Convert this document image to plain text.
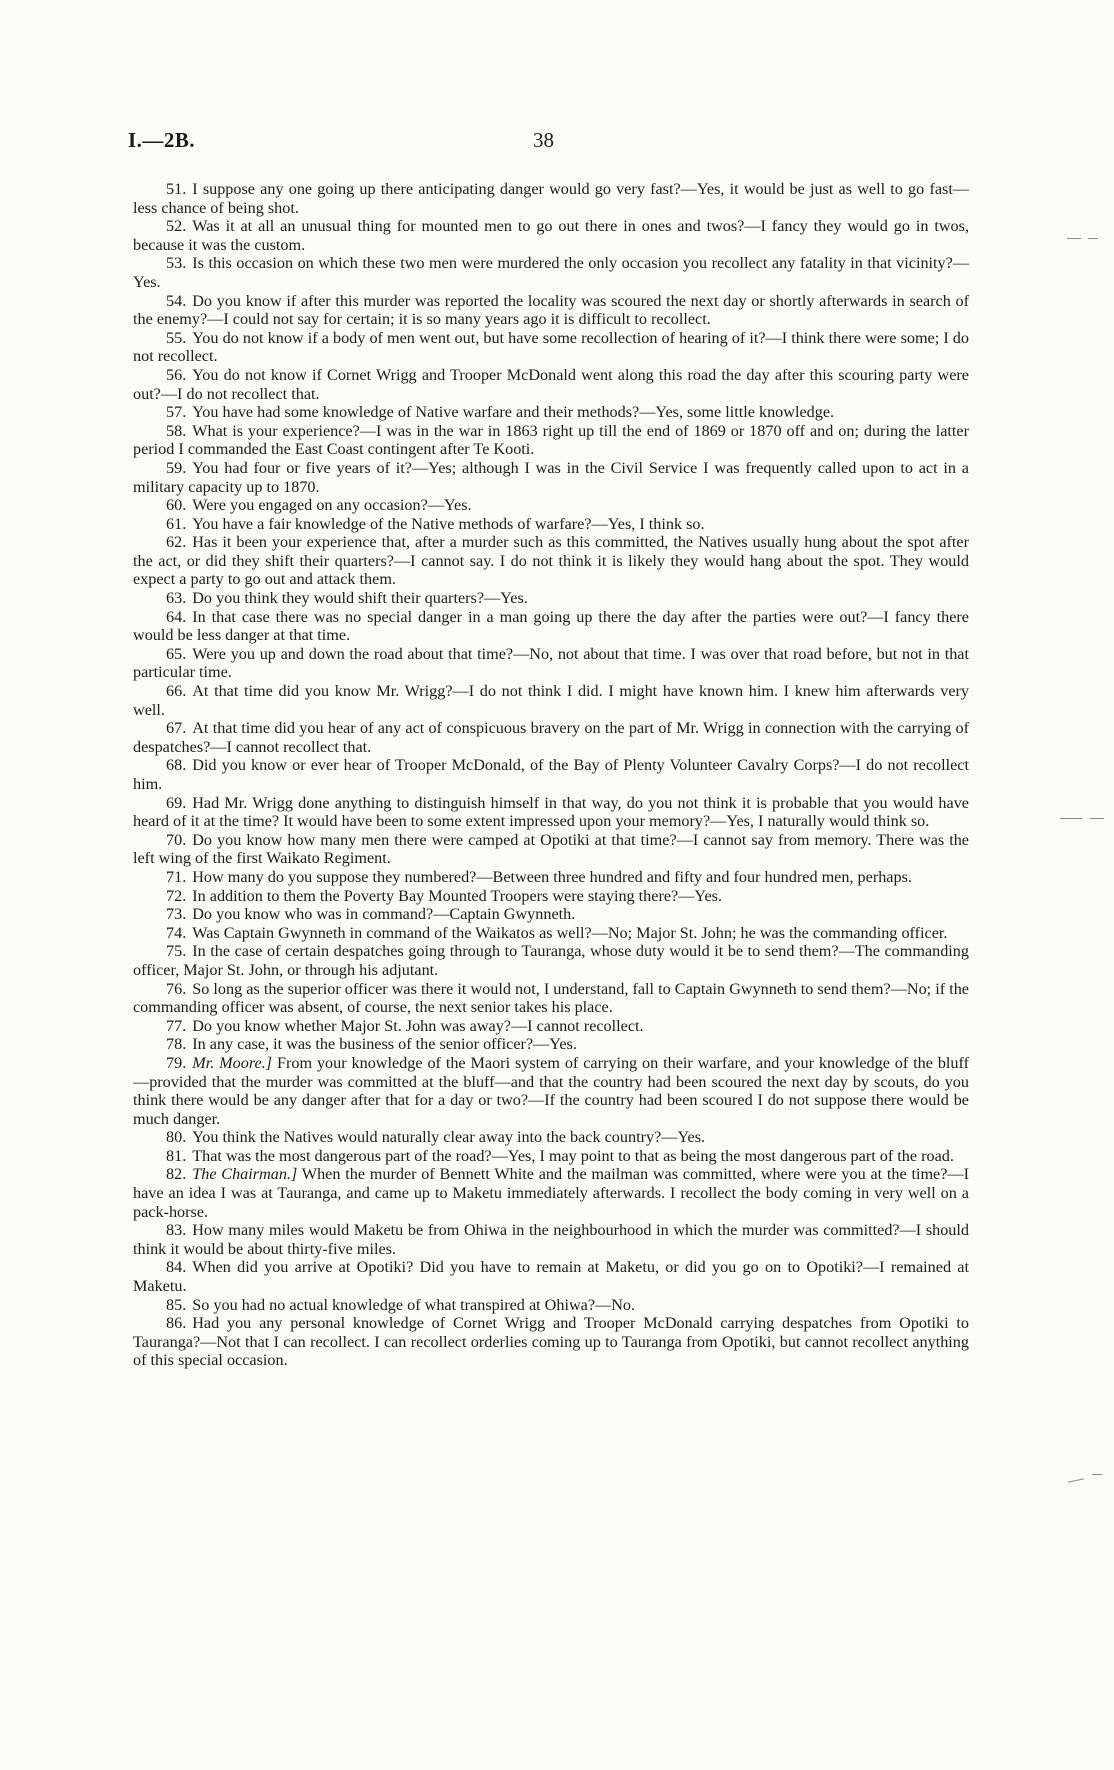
I.—2B.	38

51. I suppose any one going up there anticipating danger would go very fast?—Yes, it would be just as well to go fast—less chance of being shot.

52. Was it at all an unusual thing for mounted men to go out there in ones and twos?—I fancy they would go in twos, because it was the custom.

53. Is this occasion on which these two men were murdered the only occasion you recollect any fatality in that vicinity?—Yes.

54. Do you know if after this murder was reported the locality was scoured the next day or shortly afterwards in search of the enemy?—I could not say for certain; it is so many years ago it is difficult to recollect.

55. You do not know if a body of men went out, but have some recollection of hearing of it?—I think there were some; I do not recollect.

56. You do not know if Cornet Wrigg and Trooper McDonald went along this road the day after this scouring party were out?—I do not recollect that.

57. You have had some knowledge of Native warfare and their methods?—Yes, some little knowledge.

58. What is your experience?—I was in the war in 1863 right up till the end of 1869 or 1870 off and on; during the latter period I commanded the East Coast contingent after Te Kooti.

59. You had four or five years of it?—Yes; although I was in the Civil Service I was frequently called upon to act in a military capacity up to 1870.

60. Were you engaged on any occasion?—Yes.

61. You have a fair knowledge of the Native methods of warfare?—Yes, I think so.

62. Has it been your experience that, after a murder such as this committed, the Natives usually hung about the spot after the act, or did they shift their quarters?—I cannot say. I do not think it is likely they would hang about the spot. They would expect a party to go out and attack them.

63. Do you think they would shift their quarters?—Yes.

64. In that case there was no special danger in a man going up there the day after the parties were out?—I fancy there would be less danger at that time.

65. Were you up and down the road about that time?—No, not about that time. I was over that road before, but not in that particular time.

66. At that time did you know Mr. Wrigg?—I do not think I did. I might have known him. I knew him afterwards very well.

67. At that time did you hear of any act of conspicuous bravery on the part of Mr. Wrigg in connection with the carrying of despatches?—I cannot recollect that.

68. Did you know or ever hear of Trooper McDonald, of the Bay of Plenty Volunteer Cavalry Corps?—I do not recollect him.

69. Had Mr. Wrigg done anything to distinguish himself in that way, do you not think it is probable that you would have heard of it at the time? It would have been to some extent impressed upon your memory?—Yes, I naturally would think so.

70. Do you know how many men there were camped at Opotiki at that time?—I cannot say from memory. There was the left wing of the first Waikato Regiment.

71. How many do you suppose they numbered?—Between three hundred and fifty and four hundred men, perhaps.

72. In addition to them the Poverty Bay Mounted Troopers were staying there?—Yes.

73. Do you know who was in command?—Captain Gwynneth.

74. Was Captain Gwynneth in command of the Waikatos as well?—No; Major St. John; he was the commanding officer.

75. In the case of certain despatches going through to Tauranga, whose duty would it be to send them?—The commanding officer, Major St. John, or through his adjutant.

76. So long as the superior officer was there it would not, I understand, fall to Captain Gwynneth to send them?—No; if the commanding officer was absent, of course, the next senior takes his place.

77. Do you know whether Major St. John was away?—I cannot recollect.

78. In any case, it was the business of the senior officer?—Yes.

79. Mr. Moore.] From your knowledge of the Maori system of carrying on their warfare, and your knowledge of the bluff—provided that the murder was committed at the bluff—and that the country had been scoured the next day by scouts, do you think there would be any danger after that for a day or two?—If the country had been scoured I do not suppose there would be much danger.

80. You think the Natives would naturally clear away into the back country?—Yes.

81. That was the most dangerous part of the road?—Yes, I may point to that as being the most dangerous part of the road.

82. The Chairman.] When the murder of Bennett White and the mailman was committed, where were you at the time?—I have an idea I was at Tauranga, and came up to Maketu immediately afterwards. I recollect the body coming in very well on a pack-horse.

83. How many miles would Maketu be from Ohiwa in the neighbourhood in which the murder was committed?—I should think it would be about thirty-five miles.

84. When did you arrive at Opotiki? Did you have to remain at Maketu, or did you go on to Opotiki?—I remained at Maketu.

85. So you had no actual knowledge of what transpired at Ohiwa?—No.

86. Had you any personal knowledge of Cornet Wrigg and Trooper McDonald carrying despatches from Opotiki to Tauranga?—Not that I can recollect. I can recollect orderlies coming up to Tauranga from Opotiki, but cannot recollect anything of this special occasion.
